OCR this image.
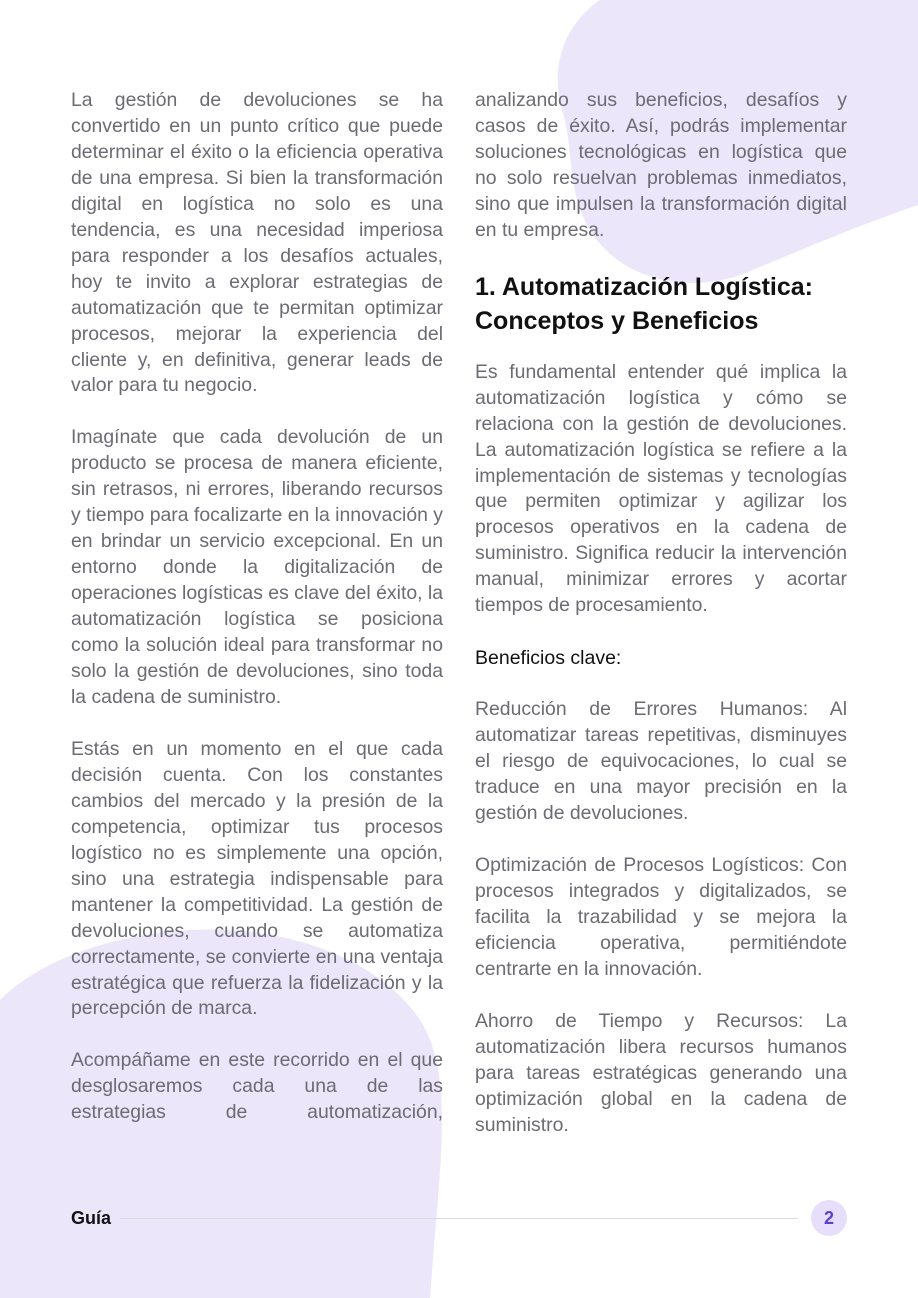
La gestión de devoluciones se ha convertido en un punto crítico que puede determinar el éxito o la eficiencia operativa de una empresa. Si bien la transformación digital en logística no solo es una tendencia, es una necesidad imperiosa para responder a los desafíos actuales, hoy te invito a explorar estrategias de automatización que te permitan optimizar procesos, mejorar la experiencia del cliente y, en definitiva, generar leads de valor para tu negocio.

Imagínate que cada devolución de un producto se procesa de manera eficiente, sin retrasos, ni errores, liberando recursos y tiempo para focalizarte en la innovación y en brindar un servicio excepcional. En un entorno donde la digitalización de operaciones logísticas es clave del éxito, la automatización logística se posiciona como la solución ideal para transformar no solo la gestión de devoluciones, sino toda la cadena de suministro.

Estás en un momento en el que cada decisión cuenta. Con los constantes cambios del mercado y la presión de la competencia, optimizar tus procesos logístico no es simplemente una opción, sino una estrategia indispensable para mantener la competitividad. La gestión de devoluciones, cuando se automatiza correctamente, se convierte en una ventaja estratégica que refuerza la fidelización y la percepción de marca.

Acompáñame en este recorrido en el que desglosaremos cada una de las estrategias de automatización,

analizando sus beneficios, desafíos y casos de éxito. Así, podrás implementar soluciones tecnológicas en logística que no solo resuelvan problemas inmediatos, sino que impulsen la transformación digital en tu empresa.

1. Automatización Logística: Conceptos y Beneficios

Es fundamental entender qué implica la automatización logística y cómo se relaciona con la gestión de devoluciones. La automatización logística se refiere a la implementación de sistemas y tecnologías que permiten optimizar y agilizar los procesos operativos en la cadena de suministro. Significa reducir la intervención manual, minimizar errores y acortar tiempos de procesamiento.

Beneficios clave:

Reducción de Errores Humanos: Al automatizar tareas repetitivas, disminuyes el riesgo de equivocaciones, lo cual se traduce en una mayor precisión en la gestión de devoluciones.

Optimización de Procesos Logísticos: Con procesos integrados y digitalizados, se facilita la trazabilidad y se mejora la eficiencia operativa, permitiéndote centrarte en la innovación.

Ahorro de Tiempo y Recursos: La automatización libera recursos humanos para tareas estratégicas generando una optimización global en la cadena de suministro.

Guía	2
